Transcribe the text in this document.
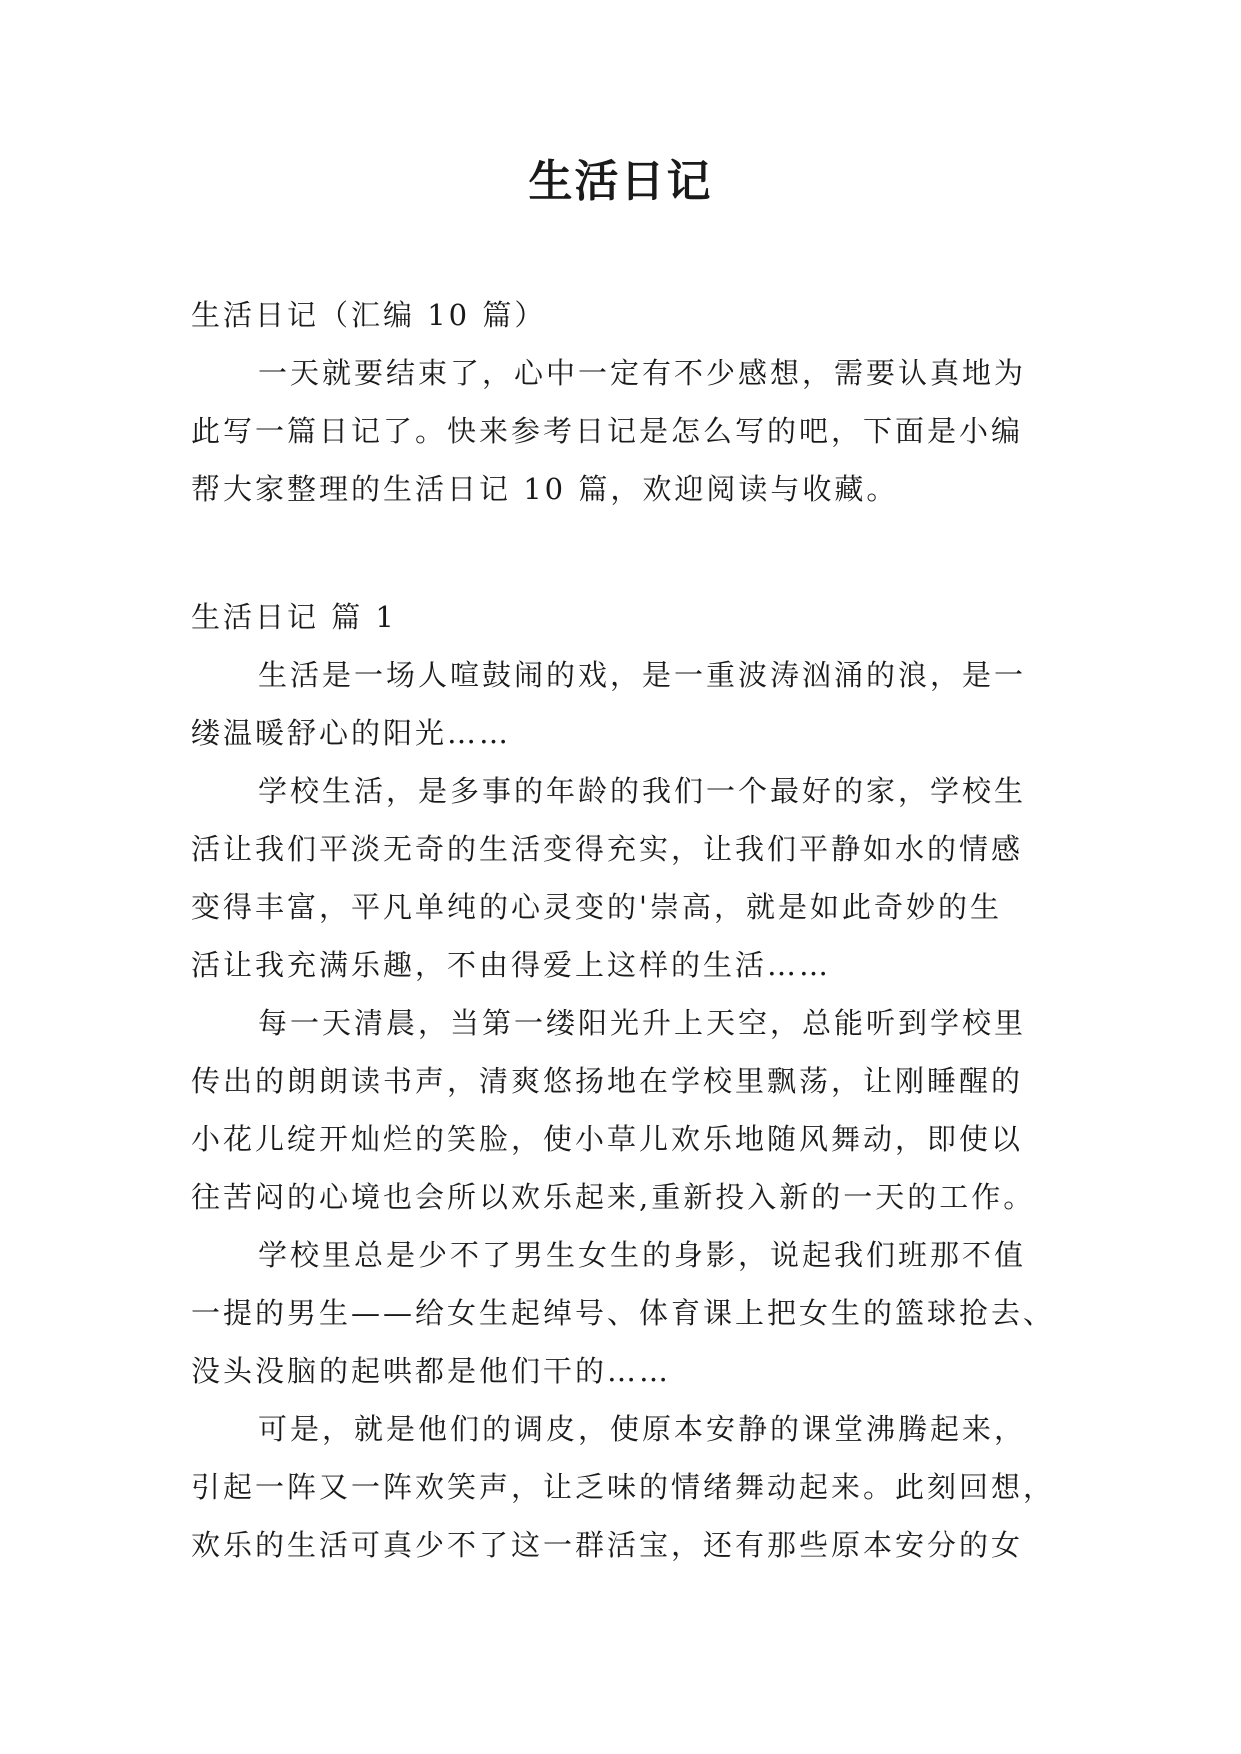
生活日记

生活日记（汇编 10 篇）

一天就要结束了，心中一定有不少感想，需要认真地为

此写一篇日记了。快来参考日记是怎么写的吧，下面是小编

帮大家整理的生活日记 10 篇，欢迎阅读与收藏。

生活日记 篇 1

生活是一场人喧鼓闹的戏，是一重波涛汹涌的浪，是一

缕温暖舒心的阳光……

学校生活，是多事的年龄的我们一个最好的家，学校生

活让我们平淡无奇的生活变得充实，让我们平静如水的情感

变得丰富，平凡单纯的心灵变的'崇高，就是如此奇妙的生

活让我充满乐趣，不由得爱上这样的生活……

每一天清晨，当第一缕阳光升上天空，总能听到学校里

传出的朗朗读书声，清爽悠扬地在学校里飘荡，让刚睡醒的

小花儿绽开灿烂的笑脸，使小草儿欢乐地随风舞动，即使以

往苦闷的心境也会所以欢乐起来,重新投入新的一天的工作。

学校里总是少不了男生女生的身影，说起我们班那不值

一提的男生——给女生起绰号、体育课上把女生的篮球抢去、

没头没脑的起哄都是他们干的……

可是，就是他们的调皮，使原本安静的课堂沸腾起来，

引起一阵又一阵欢笑声，让乏味的情绪舞动起来。此刻回想，

欢乐的生活可真少不了这一群活宝，还有那些原本安分的女
